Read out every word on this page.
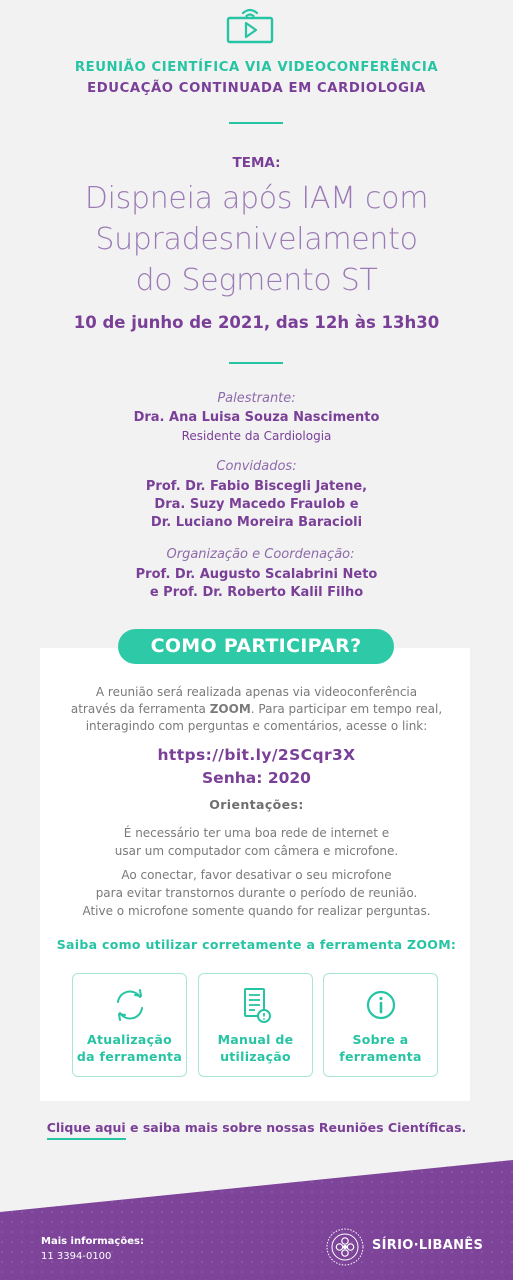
REUNIÃO CIENTÍFICA VIA VIDEOCONFERÊNCIA
EDUCAÇÃO CONTINUADA EM CARDIOLOGIA
TEMA:
Dispneia após IAM com
Supradesnivelamento
do Segmento ST
10 de junho de 2021, das 12h às 13h30
Palestrante:
Dra. Ana Luisa Souza Nascimento
Residente da Cardiologia
Convidados:
Prof. Dr. Fabio Biscegli Jatene,
Dra. Suzy Macedo Fraulob e
Dr. Luciano Moreira Baracioli
Organização e Coordenação:
Prof. Dr. Augusto Scalabrini Neto
e Prof. Dr. Roberto Kalil Filho
COMO PARTICIPAR?
A reunião será realizada apenas via videoconferência
através da ferramenta ZOOM. Para participar em tempo real,
interagindo com perguntas e comentários, acesse o link:
https://bit.ly/2SCqr3X
Senha: 2020
Orientações:
É necessário ter uma boa rede de internet e
usar um computador com câmera e microfone.
Ao conectar, favor desativar o seu microfone
para evitar transtornos durante o período de reunião.
Ative o microfone somente quando for realizar perguntas.
Saiba como utilizar corretamente a ferramenta ZOOM:
Atualização
da ferramenta
Manual de
utilização
Sobre a
ferramenta
Clique aqui e saiba mais sobre nossas Reuniões Científicas.
Mais informações:
11 3394-0100
SÍRIO·LIBANÊS
